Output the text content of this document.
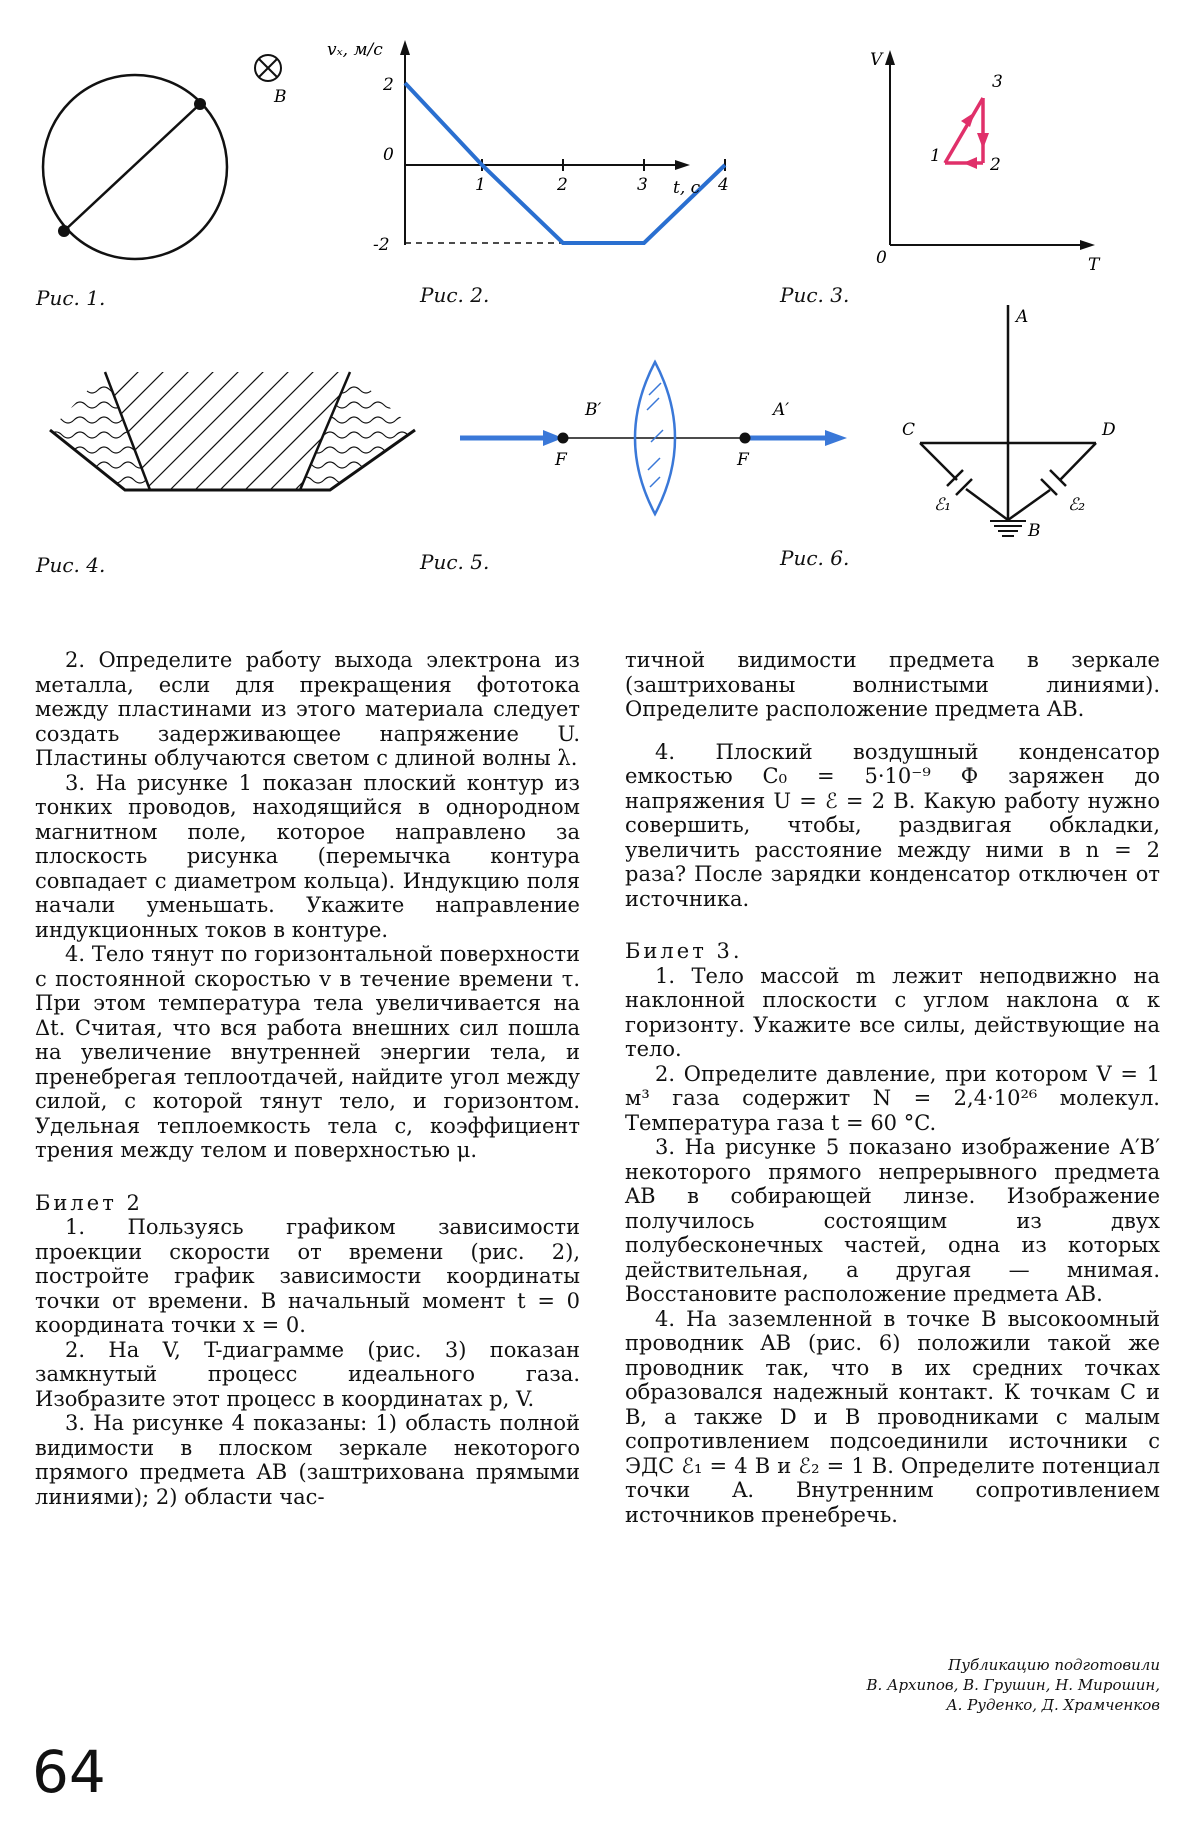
B
Рис. 1.
vₓ, м/с
2
0
-2
1	2	3	4
t, с
Рис. 2.
V
T
0
1	2
3
Рис. 3.
Рис. 4.
B′	A′
F	F
Рис. 5.
A
C	D
B
ℰ₁	ℰ₂
Рис. 6.

2. Определите работу выхода электрона из металла, если для прекращения фототока между пластинами из этого материала следует создать задерживающее напряжение U. Пластины облучаются светом с длиной волны λ.

3. На рисунке 1 показан плоский контур из тонких проводов, находящийся в однородном магнитном поле, которое направлено за плоскость рисунка (перемычка контура совпадает с диаметром кольца). Индукцию поля начали уменьшать. Укажите направление индукционных токов в контуре.

4. Тело тянут по горизонтальной поверхности с постоянной скоростью v в течение времени τ. При этом температура тела увеличивается на Δt. Считая, что вся работа внешних сил пошла на увеличение внутренней энергии тела, и пренебрегая теплоотдачей, найдите угол между силой, с которой тянут тело, и горизонтом. Удельная теплоемкость тела c, коэффициент трения между телом и поверхностью μ.

Билет 2

1. Пользуясь графиком зависимости проекции скорости от времени (рис. 2), постройте график зависимости координаты точки от времени. В начальный момент t = 0 координата точки x = 0.

2. На V, T-диаграмме (рис. 3) показан замкнутый процесс идеального газа. Изобразите этот процесс в координатах p, V.

3. На рисунке 4 показаны: 1) область полной видимости в плоском зеркале некоторого прямого предмета AB (заштрихована прямыми линиями); 2) области час-

тичной видимости предмета в зеркале (заштрихованы волнистыми линиями). Определите расположение предмета AB.

4. Плоский воздушный конденсатор емкостью C₀ = 5·10⁻⁹ Ф заряжен до напряжения U = ℰ = 2 В. Какую работу нужно совершить, чтобы, раздвигая обкладки, увеличить расстояние между ними в n = 2 раза? После зарядки конденсатор отключен от источника.

Билет 3.

1. Тело массой m лежит неподвижно на наклонной плоскости с углом наклона α к горизонту. Укажите все силы, действующие на тело.

2. Определите давление, при котором V = 1 м³ газа содержит N = 2,4·10²⁶ молекул. Температура газа t = 60 °C.

3. На рисунке 5 показано изображение A′B′ некоторого прямого непрерывного предмета AB в собирающей линзе. Изображение получилось состоящим из двух полубесконечных частей, одна из которых действительная, а другая — мнимая. Восстановите расположение предмета AB.

4. На заземленной в точке B высокоомный проводник AB (рис. 6) положили такой же проводник так, что в их средних точках образовался надежный контакт. К точкам C и B, а также D и B проводниками с малым сопротивлением подсоединили источники с ЭДС ℰ₁ = 4 В и ℰ₂ = 1 В. Определите потенциал точки A. Внутренним сопротивлением источников пренебречь.

Публикацию подготовили
В. Архипов, В. Грушин, Н. Мирошин,
А. Руденко, Д. Храмченков
64
